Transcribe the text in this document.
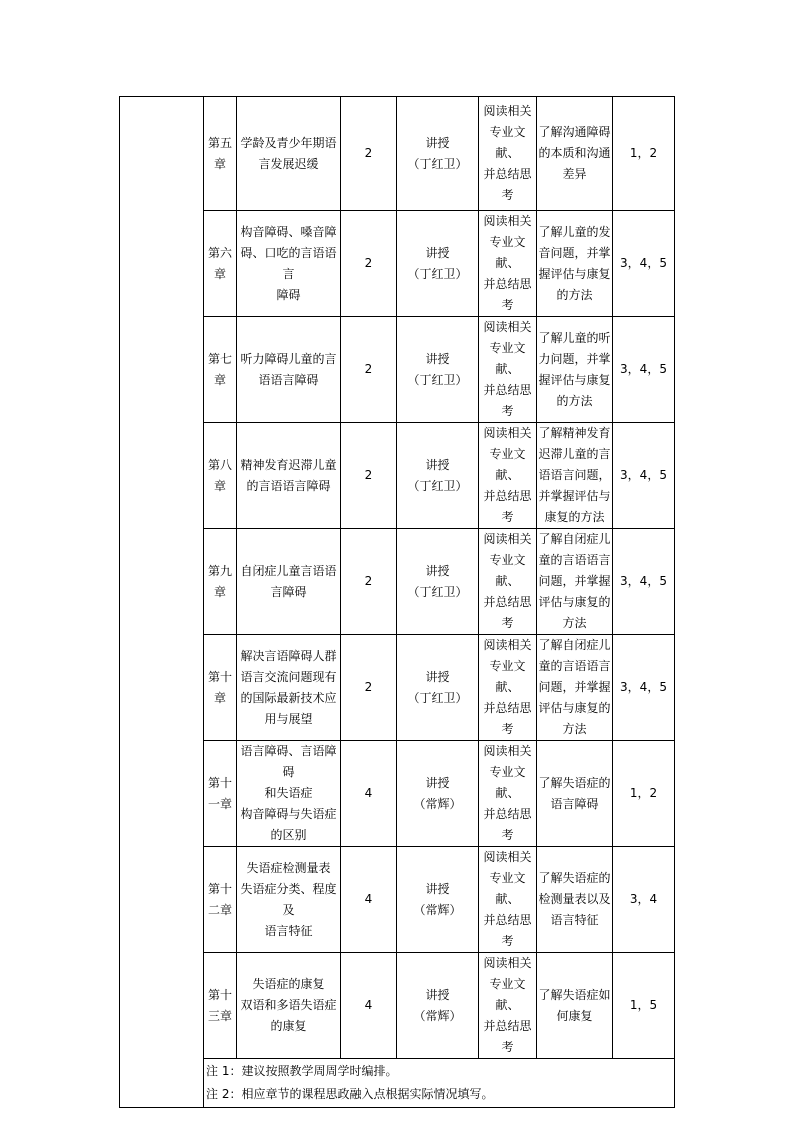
	第五
章	学龄及青少年期语
言发展迟缓	2	讲授
（丁红卫）	阅读相关
专业文献、
并总结思
考	了解沟通障碍
的本质和沟通
差异	1，2

	第六
章	构音障碍、嗓音障
碍、口吃的言语语言
障碍	2	讲授
（丁红卫）	阅读相关
专业文献、
并总结思
考	了解儿童的发
音问题，并掌
握评估与康复
的方法	3，4，5

	第七
章	听力障碍儿童的言
语语言障碍	2	讲授
（丁红卫）	阅读相关
专业文献、
并总结思
考	了解儿童的听
力问题，并掌
握评估与康复
的方法	3，4，5

	第八
章	精神发育迟滞儿童
的言语语言障碍	2	讲授
（丁红卫）	阅读相关
专业文献、
并总结思
考	了解精神发育
迟滞儿童的言
语语言问题，
并掌握评估与
康复的方法	3，4，5

	第九
章	自闭症儿童言语语
言障碍	2	讲授
（丁红卫）	阅读相关
专业文献、
并总结思
考	了解自闭症儿
童的言语语言
问题，并掌握
评估与康复的
方法	3，4，5

	第十
章	解决言语障碍人群
语言交流问题现有
的国际最新技术应
用与展望	2	讲授
（丁红卫）	阅读相关
专业文献、
并总结思
考	了解自闭症儿
童的言语语言
问题，并掌握
评估与康复的
方法	3，4，5

	第十
一章	语言障碍、言语障碍
和失语症
构音障碍与失语症
的区别	4	讲授
（常辉）	阅读相关
专业文献、
并总结思
考	了解失语症的
语言障碍	1，2

	第十
二章	失语症检测量表
失语症分类、程度及
语言特征	4	讲授
（常辉）	阅读相关
专业文献、
并总结思
考	了解失语症的
检测量表以及
语言特征	3，4

	第十
三章	失语症的康复
双语和多语失语症
的康复	4	讲授
（常辉）	阅读相关
专业文献、
并总结思
考	了解失语症如
何康复	1，5

	注 1：建议按照教学周周学时编排。						
	注 2：相应章节的课程思政融入点根据实际情况填写。						
